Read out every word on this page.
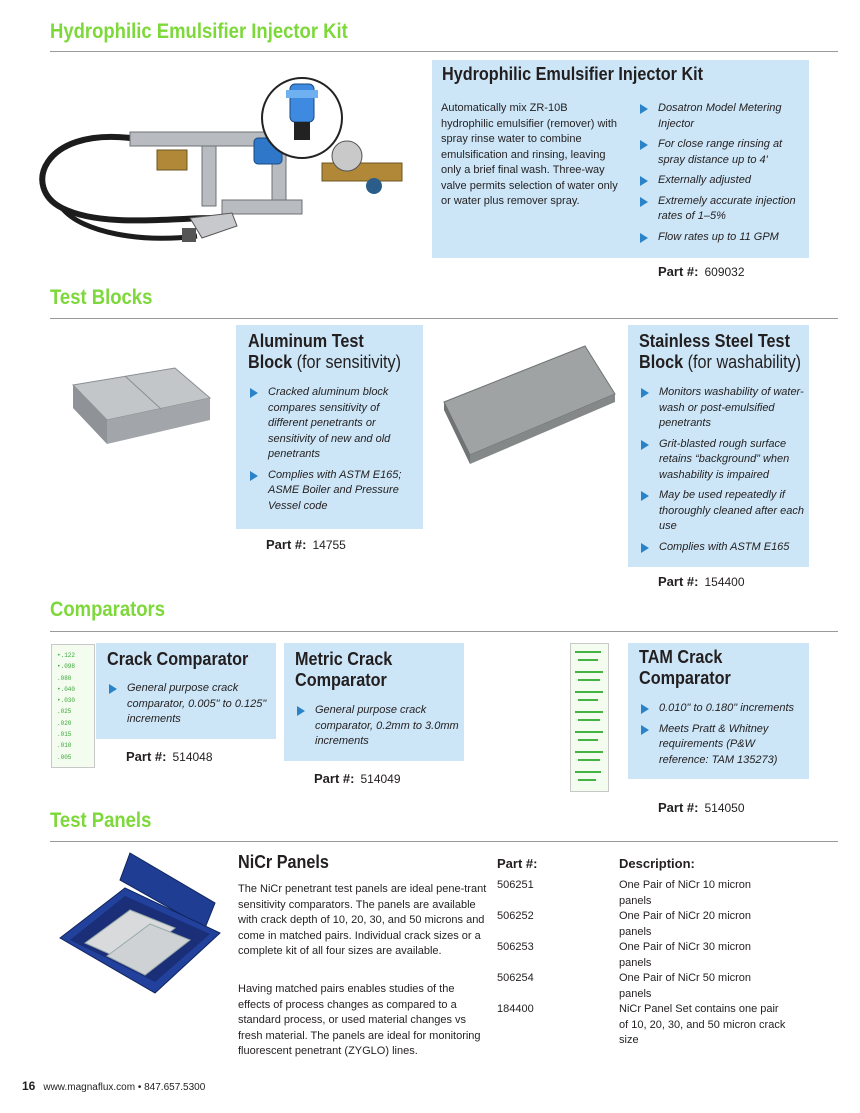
Hydrophilic Emulsifier Injector Kit
Hydrophilic Emulsifier Injector Kit
Automatically mix ZR-10B hydrophilic emulsifier (remover) with spray rinse water to combine emulsification and rinsing, leaving only a brief final wash. Three-way valve permits selection of water only or water plus remover spray.
Dosatron Model Metering Injector
For close range rinsing at spray distance up to 4'
Externally adjusted
Extremely accurate injection rates of 1–5%
Flow rates up to 11 GPM
Part #: 609032
Test Blocks
Aluminum Test
Block (for sensitivity)
Cracked aluminum block compares sensitivity of different penetrants or sensitivity of new and old penetrants
Complies with ASTM E165; ASME Boiler and Pressure Vessel code
Part #: 14755
Stainless Steel Test
Block (for washability)
Monitors washability of water-wash or post-emulsified penetrants
Grit-blasted rough surface retains “background” when washability is impaired
May be used repeatedly if thoroughly cleaned after each use
Complies with ASTM E165
Part #: 154400
Comparators
•.122
•.098
.080
•.040
•.030
.025
.020
.015
.010
.005
Crack Comparator
General purpose crack comparator, 0.005" to 0.125" increments
Part #: 514048
Metric Crack
Comparator
General purpose crack comparator, 0.2mm to 3.0mm increments
Part #: 514049
TAM Crack
Comparator
0.010" to 0.180" increments
Meets Pratt & Whitney requirements (P&W reference: TAM 135273)
Part #: 514050
Test Panels
NiCr Panels
The NiCr penetrant test panels are ideal pene-trant sensitivity comparators. The panels are available with crack depth of 10, 20, 30, and 50 microns and come in matched pairs. Individual crack sizes or a complete kit of all four sizes are available.
Having matched pairs enables studies of the effects of process changes as compared to a standard process, or used material changes vs fresh material. The panels are ideal for monitoring fluorescent penetrant (ZYGLO) lines.
Part #:	Description:
506251	One Pair of NiCr 10 micron panels
506252	One Pair of NiCr 20 micron panels
506253	One Pair of NiCr 30 micron panels
506254	One Pair of NiCr 50 micron panels
184400	NiCr Panel Set contains one pair of 10, 20, 30, and 50 micron crack size
16 www.magnaflux.com • 847.657.5300
